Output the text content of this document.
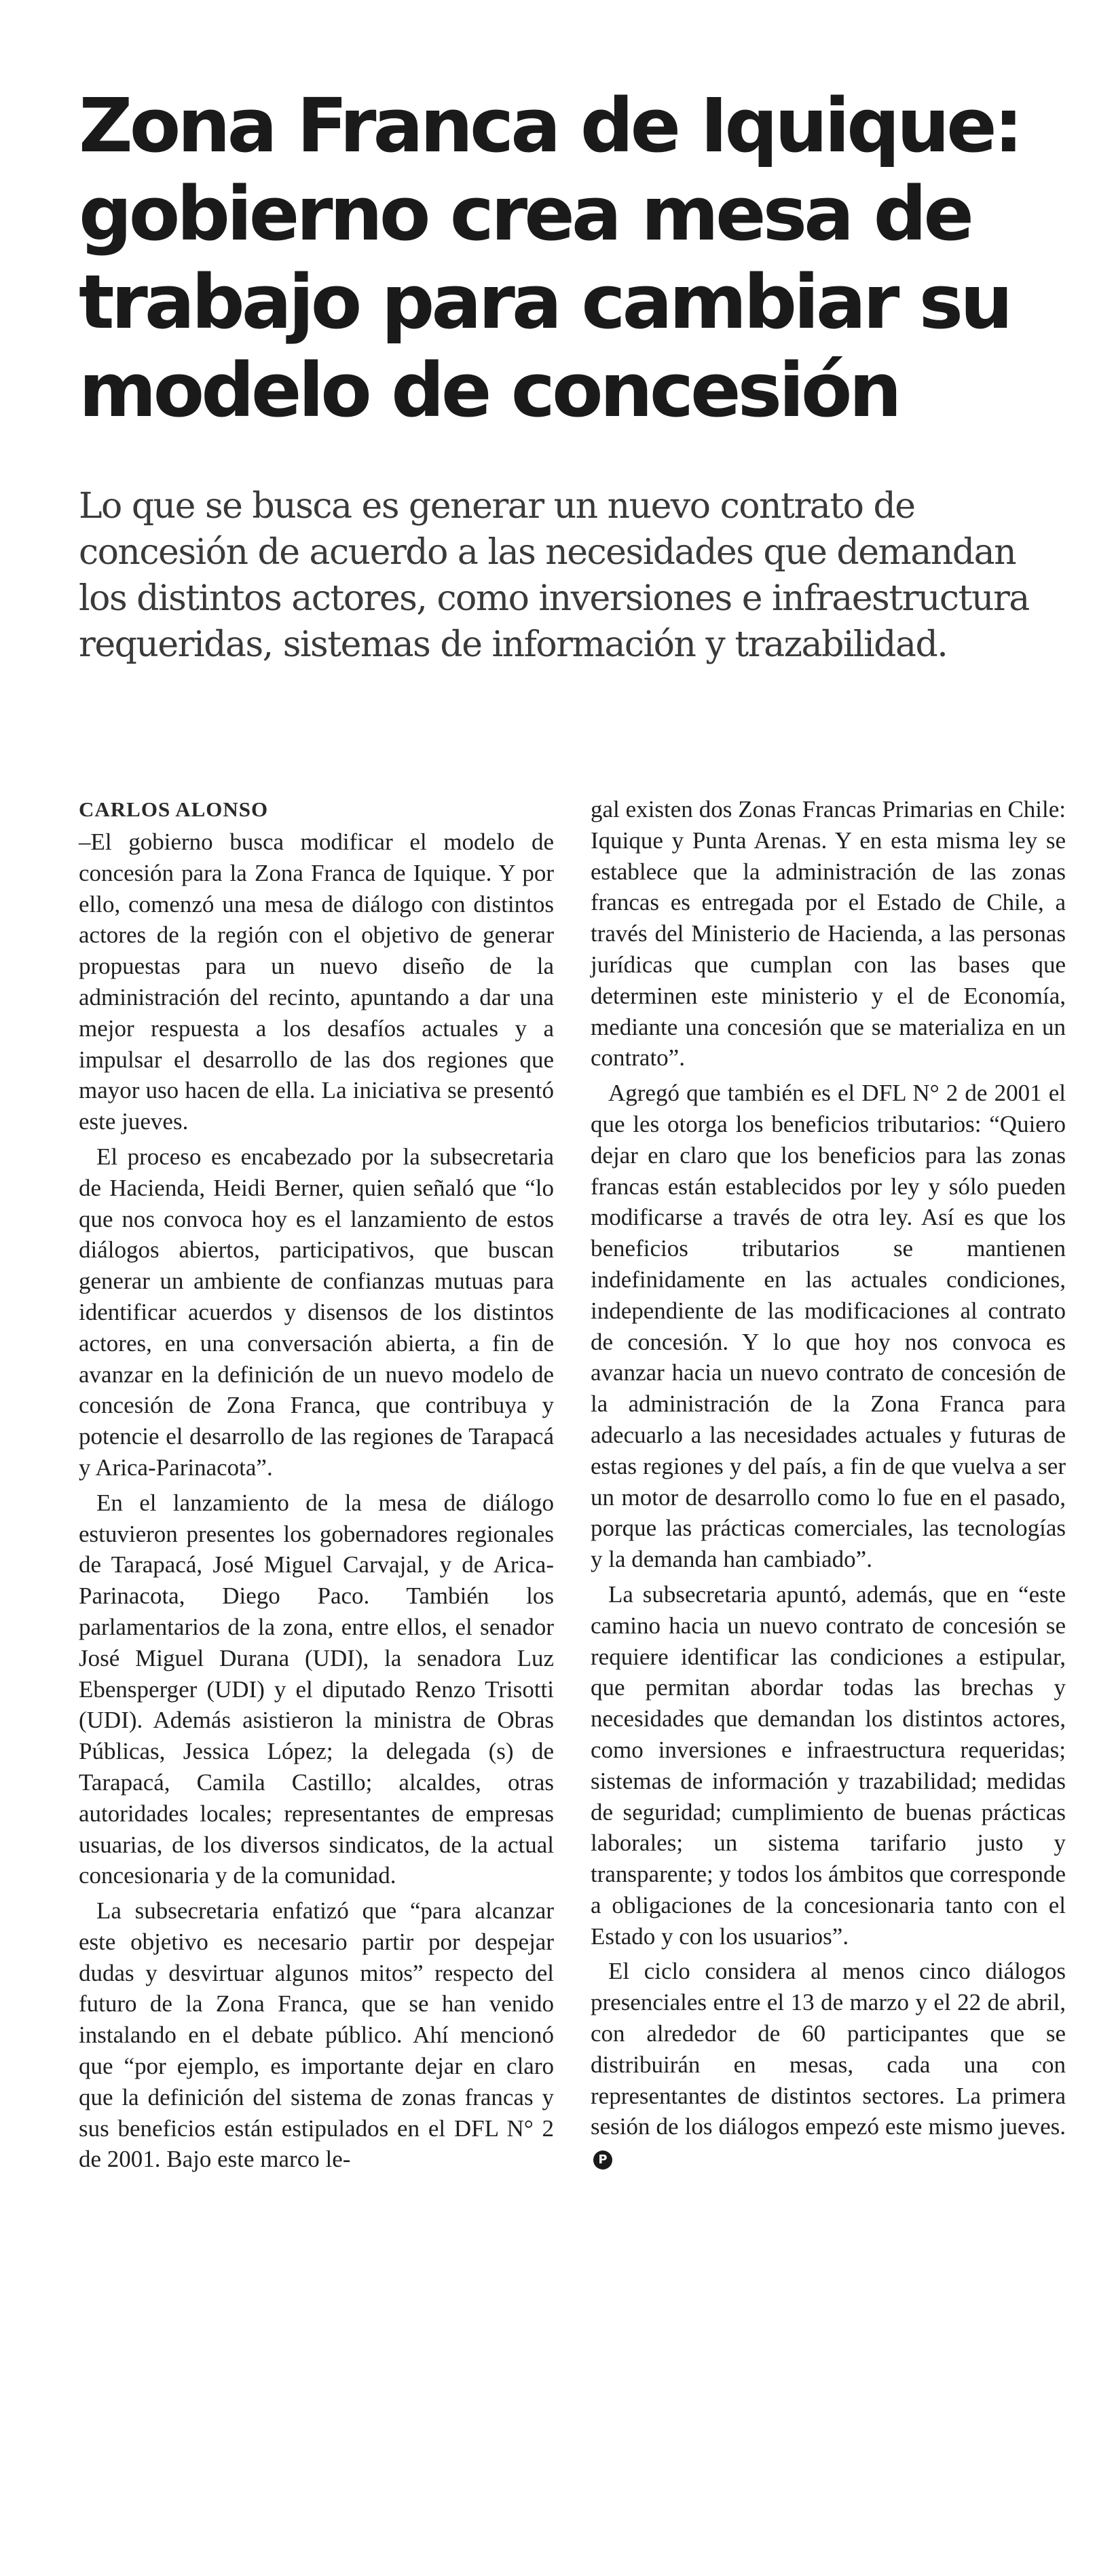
Zona Franca de Iquique:
gobierno crea mesa de
trabajo para cambiar su
modelo de concesión

Lo que se busca es generar un nuevo contrato de
concesión de acuerdo a las necesidades que demandan
los distintos actores, como inversiones e infraestructura
requeridas, sistemas de información y trazabilidad.

CARLOS ALONSO

–El gobierno busca modificar el modelo de concesión para la Zona Franca de Iquique. Y por ello, comenzó una mesa de diálogo con distintos actores de la región con el objetivo de generar propuestas para un nuevo diseño de la administración del recinto, apuntando a dar una mejor respuesta a los desafíos actuales y a impulsar el desarrollo de las dos regiones que mayor uso hacen de ella. La iniciativa se presentó este jueves.

El proceso es encabezado por la subsecretaria de Hacienda, Heidi Berner, quien señaló que “lo que nos convoca hoy es el lanzamiento de estos diálogos abiertos, participativos, que buscan generar un ambiente de confianzas mutuas para identificar acuerdos y disensos de los distintos actores, en una conversación abierta, a fin de avanzar en la definición de un nuevo modelo de concesión de Zona Franca, que contribuya y potencie el desarrollo de las regiones de Tarapacá y Arica-Parinacota”.

En el lanzamiento de la mesa de diálogo estuvieron presentes los gobernadores regionales de Tarapacá, José Miguel Carvajal, y de Arica-Parinacota, Diego Paco. También los parlamentarios de la zona, entre ellos, el senador José Miguel Durana (UDI), la senadora Luz Ebensperger (UDI) y el diputado Renzo Trisotti (UDI). Además asistieron la ministra de Obras Públicas, Jessica López; la delegada (s) de Tarapacá, Camila Castillo; alcaldes, otras autoridades locales; representantes de empresas usuarias, de los diversos sindicatos, de la actual concesionaria y de la comunidad.

La subsecretaria enfatizó que “para alcanzar este objetivo es necesario partir por despejar dudas y desvirtuar algunos mitos” respecto del futuro de la Zona Franca, que se han venido instalando en el debate público. Ahí mencionó que “por ejemplo, es importante dejar en claro que la definición del sistema de zonas francas y sus beneficios están estipulados en el DFL N° 2 de 2001. Bajo este marco le-

gal existen dos Zonas Francas Primarias en Chile: Iquique y Punta Arenas. Y en esta misma ley se establece que la administración de las zonas francas es entregada por el Estado de Chile, a través del Ministerio de Hacienda, a las personas jurídicas que cumplan con las bases que determinen este ministerio y el de Economía, mediante una concesión que se materializa en un contrato”.

Agregó que también es el DFL N° 2 de 2001 el que les otorga los beneficios tributarios: “Quiero dejar en claro que los beneficios para las zonas francas están establecidos por ley y sólo pueden modificarse a través de otra ley. Así es que los beneficios tributarios se mantienen indefinidamente en las actuales condiciones, independiente de las modificaciones al contrato de concesión. Y lo que hoy nos convoca es avanzar hacia un nuevo contrato de concesión de la administración de la Zona Franca para adecuarlo a las necesidades actuales y futuras de estas regiones y del país, a fin de que vuelva a ser un motor de desarrollo como lo fue en el pasado, porque las prácticas comerciales, las tecnologías y la demanda han cambiado”.

La subsecretaria apuntó, además, que en “este camino hacia un nuevo contrato de concesión se requiere identificar las condiciones a estipular, que permitan abordar todas las brechas y necesidades que demandan los distintos actores, como inversiones e infraestructura requeridas; sistemas de información y trazabilidad; medidas de seguridad; cumplimiento de buenas prácticas laborales; un sistema tarifario justo y transparente; y todos los ámbitos que corresponde a obligaciones de la concesionaria tanto con el Estado y con los usuarios”.

El ciclo considera al menos cinco diálogos presenciales entre el 13 de marzo y el 22 de abril, con alrededor de 60 participantes que se distribuirán en mesas, cada una con representantes de distintos sectores. La primera sesión de los diálogos empezó este mismo jueves.P
